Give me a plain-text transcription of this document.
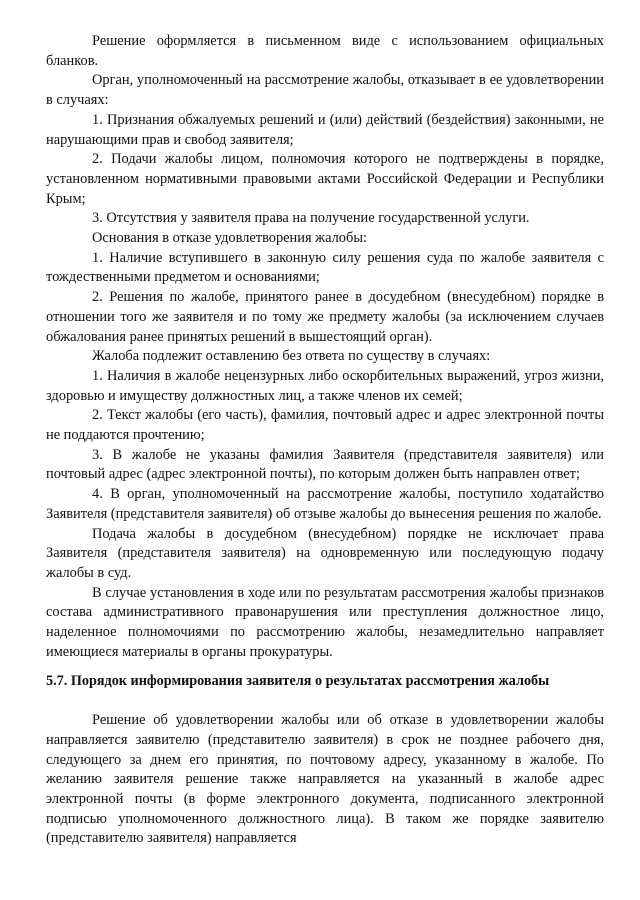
Решение оформляется в письменном виде с использованием официальных бланков.

Орган, уполномоченный на рассмотрение жалобы, отказывает в ее удовлетворении в случаях:

1. Признания обжалуемых решений и (или) действий (бездействия) законными, не нарушающими прав и свобод заявителя;

2. Подачи жалобы лицом, полномочия которого не подтверждены в порядке, установленном нормативными правовыми актами Российской Федерации и Республики Крым;

3. Отсутствия у заявителя права на получение государственной услуги.

Основания в отказе удовлетворения жалобы:

1. Наличие вступившего в законную силу решения суда по жалобе заявителя с тождественными предметом и основаниями;

2. Решения по жалобе, принятого ранее в досудебном (внесудебном) порядке в отношении того же заявителя и по тому же предмету жалобы (за исключением случаев обжалования ранее принятых решений в вышестоящий орган).

Жалоба подлежит оставлению без ответа по существу в случаях:

1. Наличия в жалобе нецензурных либо оскорбительных выражений, угроз жизни, здоровью и имуществу должностных лиц, а также членов их семей;

2. Текст жалобы (его часть), фамилия, почтовый адрес и адрес электронной почты не поддаются прочтению;

3. В жалобе не указаны фамилия Заявителя (представителя заявителя) или почтовый адрес (адрес электронной почты), по которым должен быть направлен ответ;

4. В орган, уполномоченный на рассмотрение жалобы, поступило ходатайство Заявителя (представителя заявителя) об отзыве жалобы до вынесения решения по жалобе.

Подача жалобы в досудебном (внесудебном) порядке не исключает права Заявителя (представителя заявителя) на одновременную или последующую подачу жалобы в суд.

В случае установления в ходе или по результатам рассмотрения жалобы признаков состава административного правонарушения или преступления должностное лицо, наделенное полномочиями по рассмотрению жалобы, незамедлительно направляет имеющиеся материалы в органы прокуратуры.

5.7. Порядок информирования заявителя о результатах рассмотрения жалобы

Решение об удовлетворении жалобы или об отказе в удовлетворении жалобы направляется заявителю (представителю заявителя) в срок не позднее рабочего дня, следующего за днем его принятия, по почтовому адресу, указанному в жалобе. По желанию заявителя решение также направляется на указанный в жалобе адрес электронной почты (в форме электронного документа, подписанного электронной подписью уполномоченного должностного лица). В таком же порядке заявителю (представителю заявителя) направляется
